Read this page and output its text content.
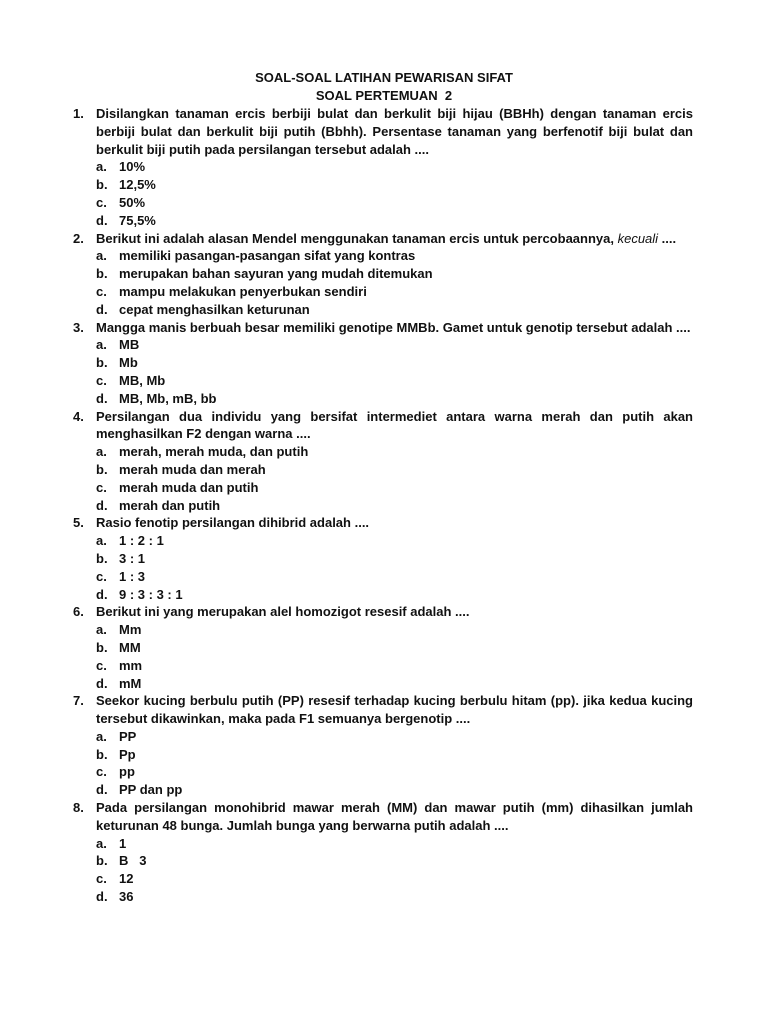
SOAL-SOAL LATIHAN PEWARISAN SIFAT
SOAL PERTEMUAN  2
1. Disilangkan tanaman ercis berbiji bulat dan berkulit biji hijau (BBHh) dengan tanaman ercis berbiji bulat dan berkulit biji putih (Bbhh). Persentase tanaman yang berfenotif biji bulat dan berkulit biji putih pada persilangan tersebut adalah ....
a. 10%
b. 12,5%
c. 50%
d. 75,5%
2. Berikut ini adalah alasan Mendel menggunakan tanaman ercis untuk percobaannya, kecuali ....
a. memiliki pasangan-pasangan sifat yang kontras
b. merupakan bahan sayuran yang mudah ditemukan
c. mampu melakukan penyerbukan sendiri
d. cepat menghasilkan keturunan
3. Mangga manis berbuah besar memiliki genotipe MMBb. Gamet untuk genotip tersebut adalah ....
a. MB
b. Mb
c. MB, Mb
d. MB, Mb, mB, bb
4. Persilangan dua individu yang bersifat intermediet antara warna merah dan putih akan menghasilkan F2 dengan warna ....
a. merah, merah muda, dan putih
b. merah muda dan merah
c. merah muda dan putih
d. merah dan putih
5. Rasio fenotip persilangan dihibrid adalah ....
a. 1 : 2 : 1
b. 3 : 1
c. 1 : 3
d. 9 : 3 : 3 : 1
6. Berikut ini yang merupakan alel homozigot resesif adalah ....
a. Mm
b. MM
c. mm
d. mM
7. Seekor kucing berbulu putih (PP) resesif terhadap kucing berbulu hitam (pp). jika kedua kucing tersebut dikawinkan, maka pada F1 semuanya bergenotip ....
a. PP
b. Pp
c. pp
d. PP dan pp
8. Pada persilangan monohibrid mawar merah (MM) dan mawar putih (mm) dihasilkan jumlah keturunan 48 bunga. Jumlah bunga yang berwarna putih adalah ....
a. 1
b. B   3
c. 12
d. 36
